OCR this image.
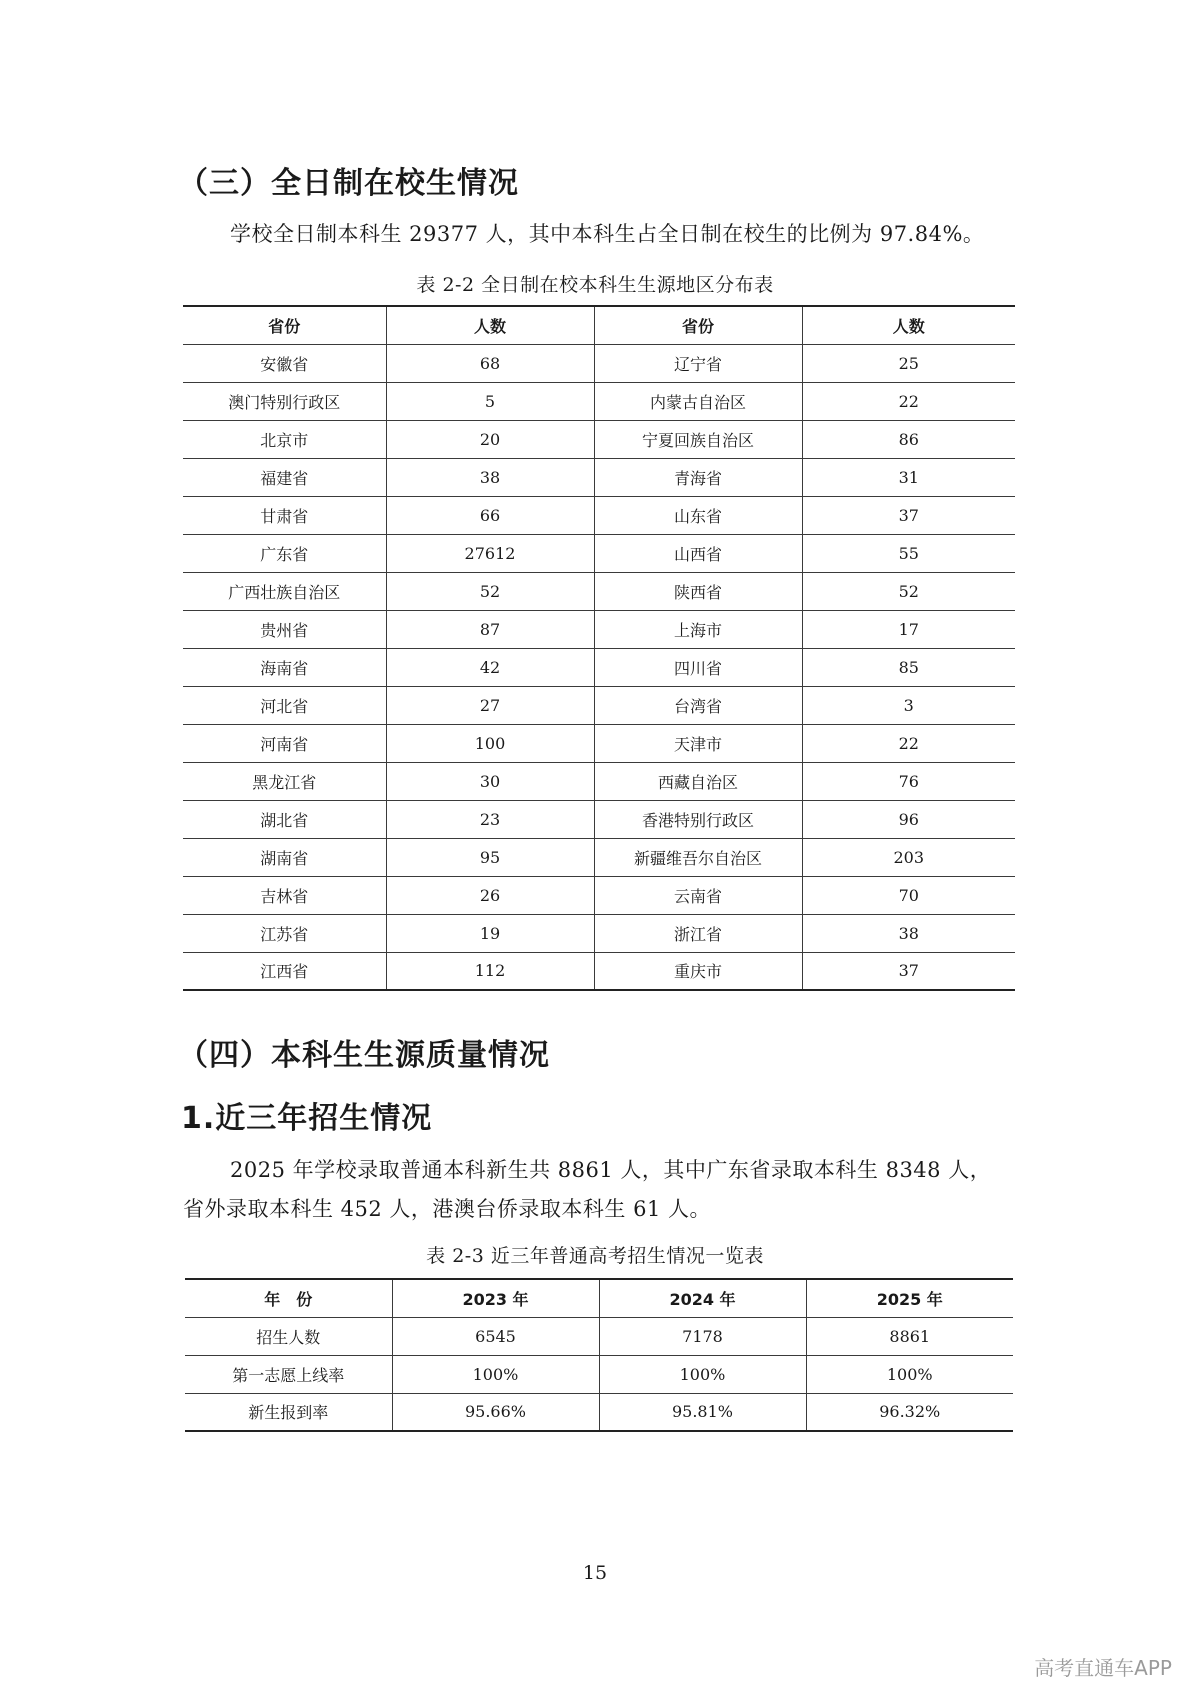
（三）全日制在校生情况
学校全日制本科生 29377 人，其中本科生占全日制在校生的比例为 97.84%。
表 2-2 全日制在校本科生生源地区分布表
省份	人数	省份	人数
安徽省	68	辽宁省	25
澳门特别行政区	5	内蒙古自治区	22
北京市	20	宁夏回族自治区	86
福建省	38	青海省	31
甘肃省	66	山东省	37
广东省	27612	山西省	55
广西壮族自治区	52	陕西省	52
贵州省	87	上海市	17
海南省	42	四川省	85
河北省	27	台湾省	3
河南省	100	天津市	22
黑龙江省	30	西藏自治区	76
湖北省	23	香港特别行政区	96
湖南省	95	新疆维吾尔自治区	203
吉林省	26	云南省	70
江苏省	19	浙江省	38
江西省	112	重庆市	37
（四）本科生生源质量情况
1.近三年招生情况
2025 年学校录取普通本科新生共 8861 人，其中广东省录取本科生 8348 人，
省外录取本科生 452 人，港澳台侨录取本科生 61 人。
表 2-3 近三年普通高考招生情况一览表
年　份	2023 年	2024 年	2025 年
招生人数	6545	7178	8861
第一志愿上线率	100%	100%	100%
新生报到率	95.66%	95.81%	96.32%
15
高考直通车APP
